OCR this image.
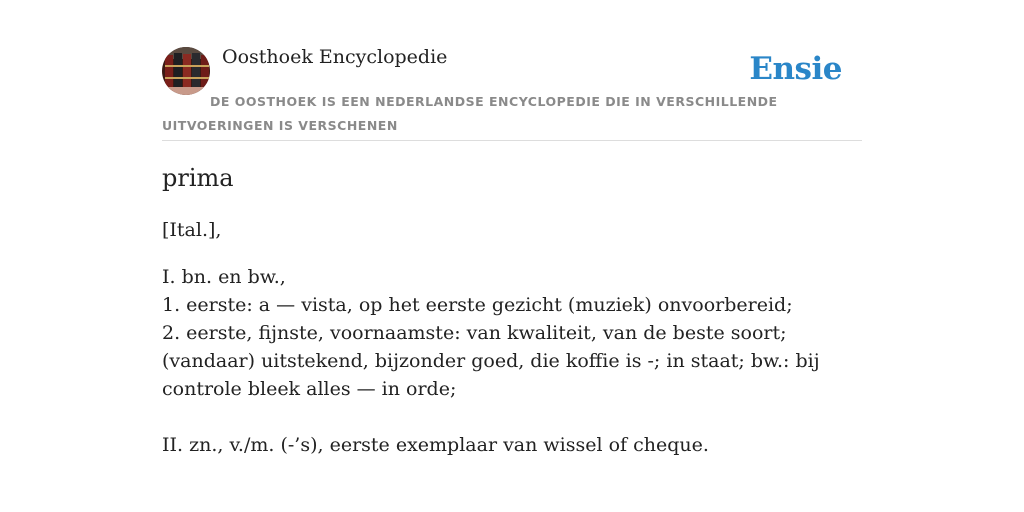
Oosthoek Encyclopedie	Ensie
DE OOSTHOEK IS EEN NEDERLANDSE ENCYCLOPEDIE DIE IN VERSCHILLENDE UITVOERINGEN IS VERSCHENEN
prima
[Ital.],
I. bn. en bw.,
1. eerste: a — vista, op het eerste gezicht (muziek) onvoorbereid;
2. eerste, fijnste, voornaamste: van kwaliteit, van de beste soort; (vandaar) uitstekend, bijzonder goed, die koffie is -; in staat; bw.: bij controle bleek alles — in orde;
II. zn., v./m. (-’s), eerste exemplaar van wissel of cheque.
